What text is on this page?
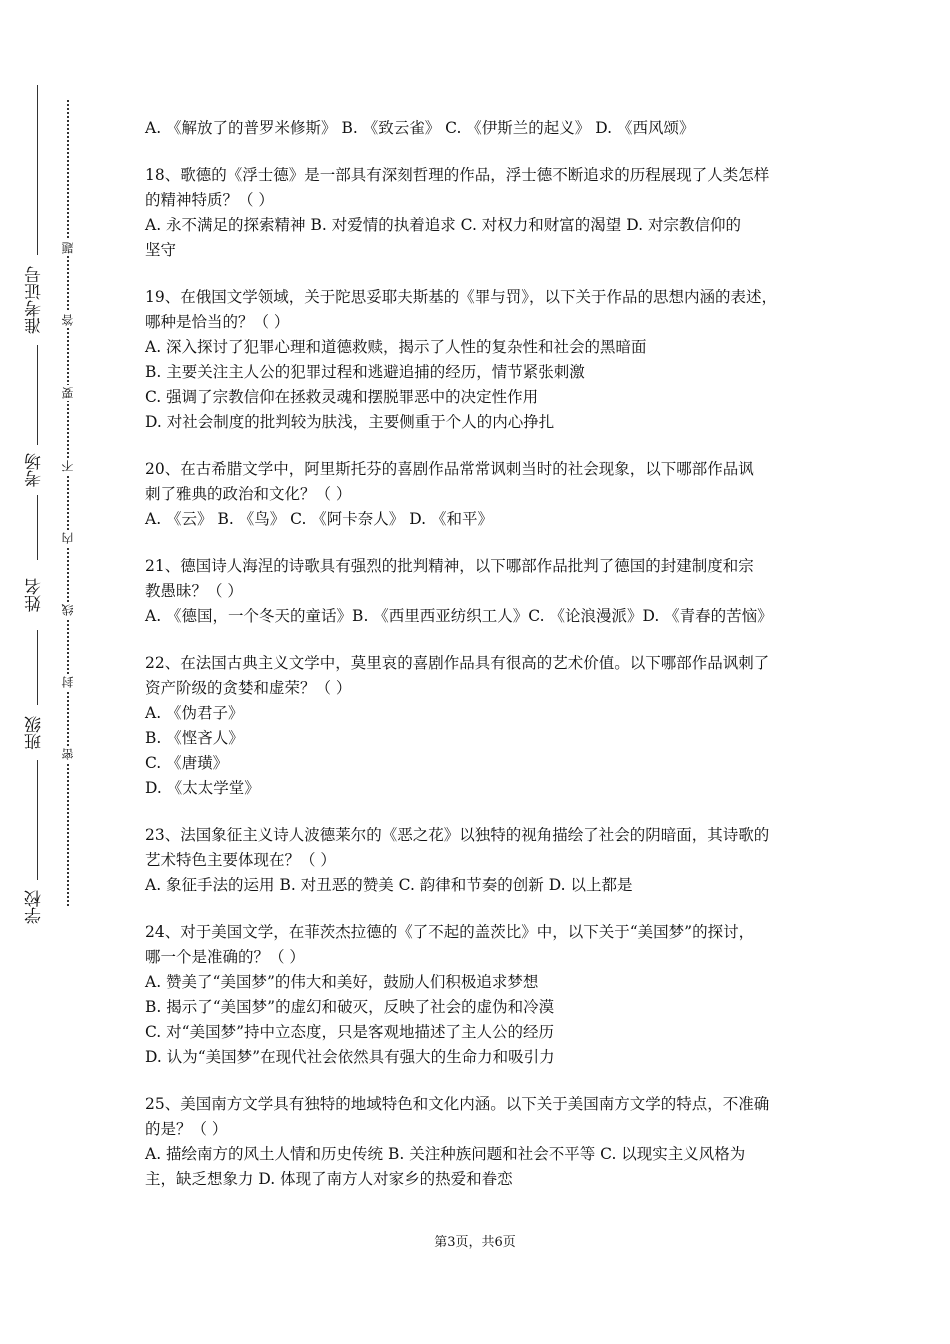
准考证号
考场
姓名
班级
学校
题
答
要
不
内
线
封
密
A. 《解放了的普罗米修斯》 B. 《致云雀》 C. 《伊斯兰的起义》 D. 《西风颂》
18、歌德的《浮士德》是一部具有深刻哲理的作品，浮士德不断追求的历程展现了人类怎样
的精神特质？（ ）
A. 永不满足的探索精神 B. 对爱情的执着追求 C. 对权力和财富的渴望 D. 对宗教信仰的
坚守
19、在俄国文学领域，关于陀思妥耶夫斯基的《罪与罚》，以下关于作品的思想内涵的表述，
哪种是恰当的？（ ）
A. 深入探讨了犯罪心理和道德救赎，揭示了人性的复杂性和社会的黑暗面
B. 主要关注主人公的犯罪过程和逃避追捕的经历，情节紧张刺激
C. 强调了宗教信仰在拯救灵魂和摆脱罪恶中的决定性作用
D. 对社会制度的批判较为肤浅，主要侧重于个人的内心挣扎
20、在古希腊文学中，阿里斯托芬的喜剧作品常常讽刺当时的社会现象，以下哪部作品讽
刺了雅典的政治和文化？（ ）
A. 《云》 B. 《鸟》 C. 《阿卡奈人》 D. 《和平》
21、德国诗人海涅的诗歌具有强烈的批判精神，以下哪部作品批判了德国的封建制度和宗
教愚昧？（ ）
A. 《德国，一个冬天的童话》B. 《西里西亚纺织工人》C. 《论浪漫派》D. 《青春的苦恼》
22、在法国古典主义文学中，莫里哀的喜剧作品具有很高的艺术价值。以下哪部作品讽刺了
资产阶级的贪婪和虚荣？（ ）
A. 《伪君子》
B. 《悭吝人》
C. 《唐璜》
D. 《太太学堂》
23、法国象征主义诗人波德莱尔的《恶之花》以独特的视角描绘了社会的阴暗面，其诗歌的
艺术特色主要体现在？（ ）
A. 象征手法的运用 B. 对丑恶的赞美 C. 韵律和节奏的创新 D. 以上都是
24、对于美国文学，在菲茨杰拉德的《了不起的盖茨比》中，以下关于“美国梦”的探讨，
哪一个是准确的？（ ）
A. 赞美了“美国梦”的伟大和美好，鼓励人们积极追求梦想
B. 揭示了“美国梦”的虚幻和破灭，反映了社会的虚伪和冷漠
C. 对“美国梦”持中立态度，只是客观地描述了主人公的经历
D. 认为“美国梦”在现代社会依然具有强大的生命力和吸引力
25、美国南方文学具有独特的地域特色和文化内涵。以下关于美国南方文学的特点，不准确
的是？（ ）
A. 描绘南方的风土人情和历史传统 B. 关注种族问题和社会不平等 C. 以现实主义风格为
主，缺乏想象力 D. 体现了南方人对家乡的热爱和眷恋
第3页，共6页
